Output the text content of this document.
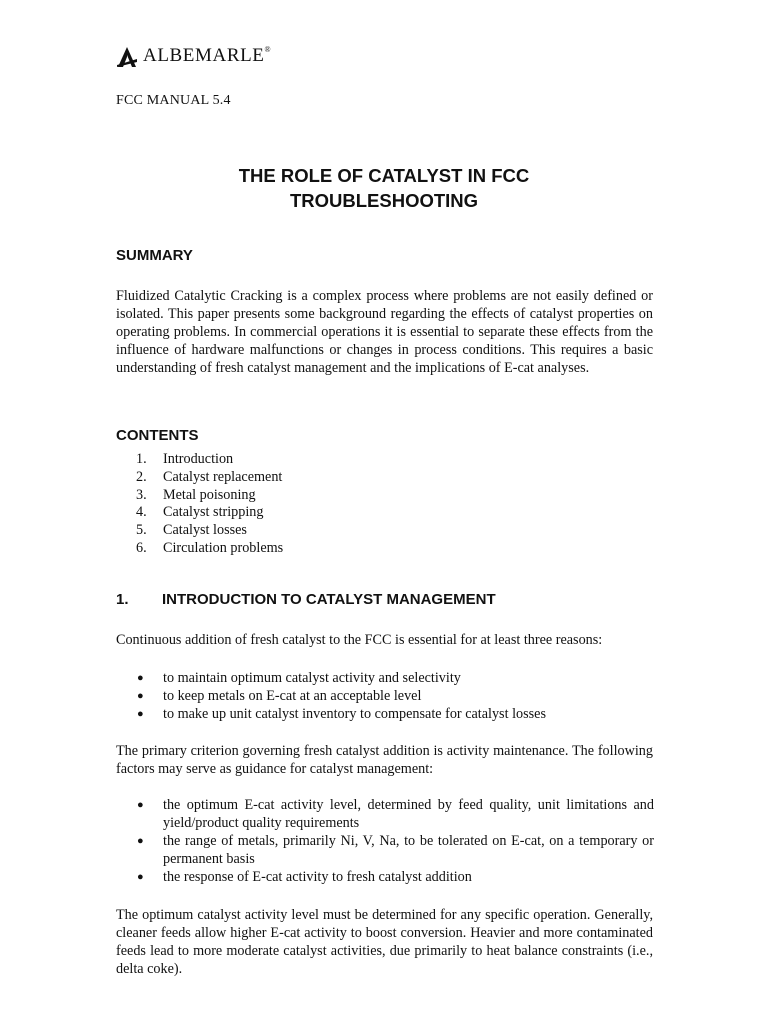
ALBEMARLE®
FCC MANUAL 5.4
THE ROLE OF CATALYST IN FCC
TROUBLESHOOTING
SUMMARY

Fluidized Catalytic Cracking is a complex process where problems are not easily defined or isolated. This paper presents some background regarding the effects of catalyst properties on operating problems. In commercial operations it is essential to separate these effects from the influence of hardware malfunctions or changes in process conditions. This requires a basic understanding of fresh catalyst management and the implications of E-cat analyses.

CONTENTS
1.	Introduction
2.	Catalyst replacement
3.	Metal poisoning
4.	Catalyst stripping
5.	Catalyst losses
6.	Circulation problems
1. INTRODUCTION TO CATALYST MANAGEMENT

Continuous addition of fresh catalyst to the FCC is essential for at least three reasons:

●	to maintain optimum catalyst activity and selectivity
●	to keep metals on E-cat at an acceptable level
●	to make up unit catalyst inventory to compensate for catalyst losses

The primary criterion governing fresh catalyst addition is activity maintenance. The following factors may serve as guidance for catalyst management:

●	the optimum E-cat activity level, determined by feed quality, unit limitations and yield/product quality requirements
●	the range of metals, primarily Ni, V, Na, to be tolerated on E-cat, on a temporary or permanent basis
●	the response of E-cat activity to fresh catalyst addition

The optimum catalyst activity level must be determined for any specific operation. Generally, cleaner feeds allow higher E-cat activity to boost conversion. Heavier and more contaminated feeds lead to more moderate catalyst activities, due primarily to heat balance constraints (i.e., delta coke).
